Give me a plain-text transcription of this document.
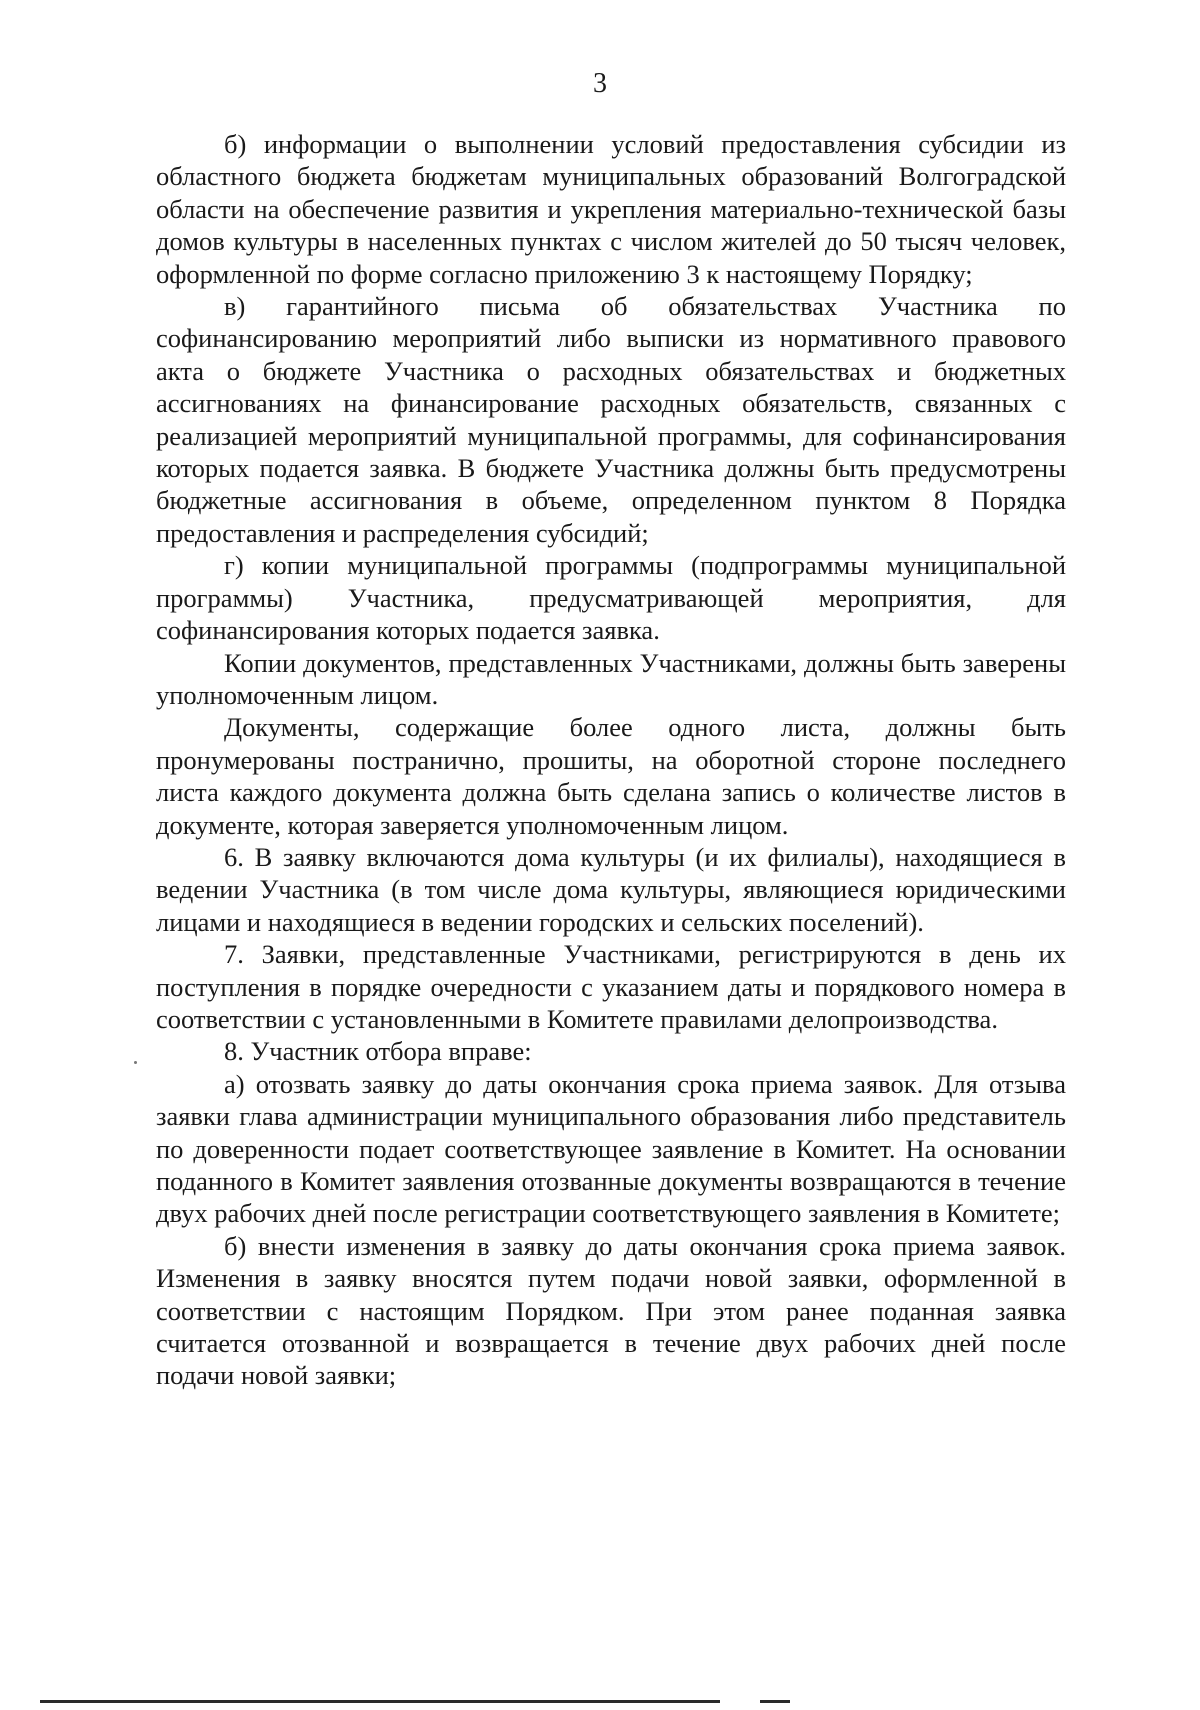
3

б) информации о выполнении условий предоставления субсидии из областного бюджета бюджетам муниципальных образований Волгоградской области на обеспечение развития и укрепления материально-технической базы домов культуры в населенных пунктах с числом жителей до 50 тысяч человек, оформленной по форме согласно приложению 3 к настоящему Порядку;

в) гарантийного письма об обязательствах Участника по софинансированию мероприятий либо выписки из нормативного правового акта о бюджете Участника о расходных обязательствах и бюджетных ассигнованиях на финансирование расходных обязательств, связанных с реализацией мероприятий муниципальной программы, для софинансирования которых подается заявка. В бюджете Участника должны быть предусмотрены бюджетные ассигнования в объеме, определенном пунктом 8 Порядка предоставления и распределения субсидий;

г) копии муниципальной программы (подпрограммы муниципальной программы) Участника, предусматривающей мероприятия, для софинансирования которых подается заявка.

Копии документов, представленных Участниками, должны быть заверены уполномоченным лицом.

Документы, содержащие более одного листа, должны быть пронумерованы постранично, прошиты, на оборотной стороне последнего листа каждого документа должна быть сделана запись о количестве листов в документе, которая заверяется уполномоченным лицом.

6. В заявку включаются дома культуры (и их филиалы), находящиеся в ведении Участника (в том числе дома культуры, являющиеся юридическими лицами и находящиеся в ведении городских и сельских поселений).

7. Заявки, представленные Участниками, регистрируются в день их поступления в порядке очередности с указанием даты и порядкового номера в соответствии с установленными в Комитете правилами делопроизводства.

8. Участник отбора вправе:

а) отозвать заявку до даты окончания срока приема заявок. Для отзыва заявки глава администрации муниципального образования либо представитель по доверенности подает соответствующее заявление в Комитет. На основании поданного в Комитет заявления отозванные документы возвращаются в течение двух рабочих дней после регистрации соответствующего заявления в Комитете;

б) внести изменения в заявку до даты окончания срока приема заявок. Изменения в заявку вносятся путем подачи новой заявки, оформленной в соответствии с настоящим Порядком. При этом ранее поданная заявка считается отозванной и возвращается в течение двух рабочих дней после подачи новой заявки;
